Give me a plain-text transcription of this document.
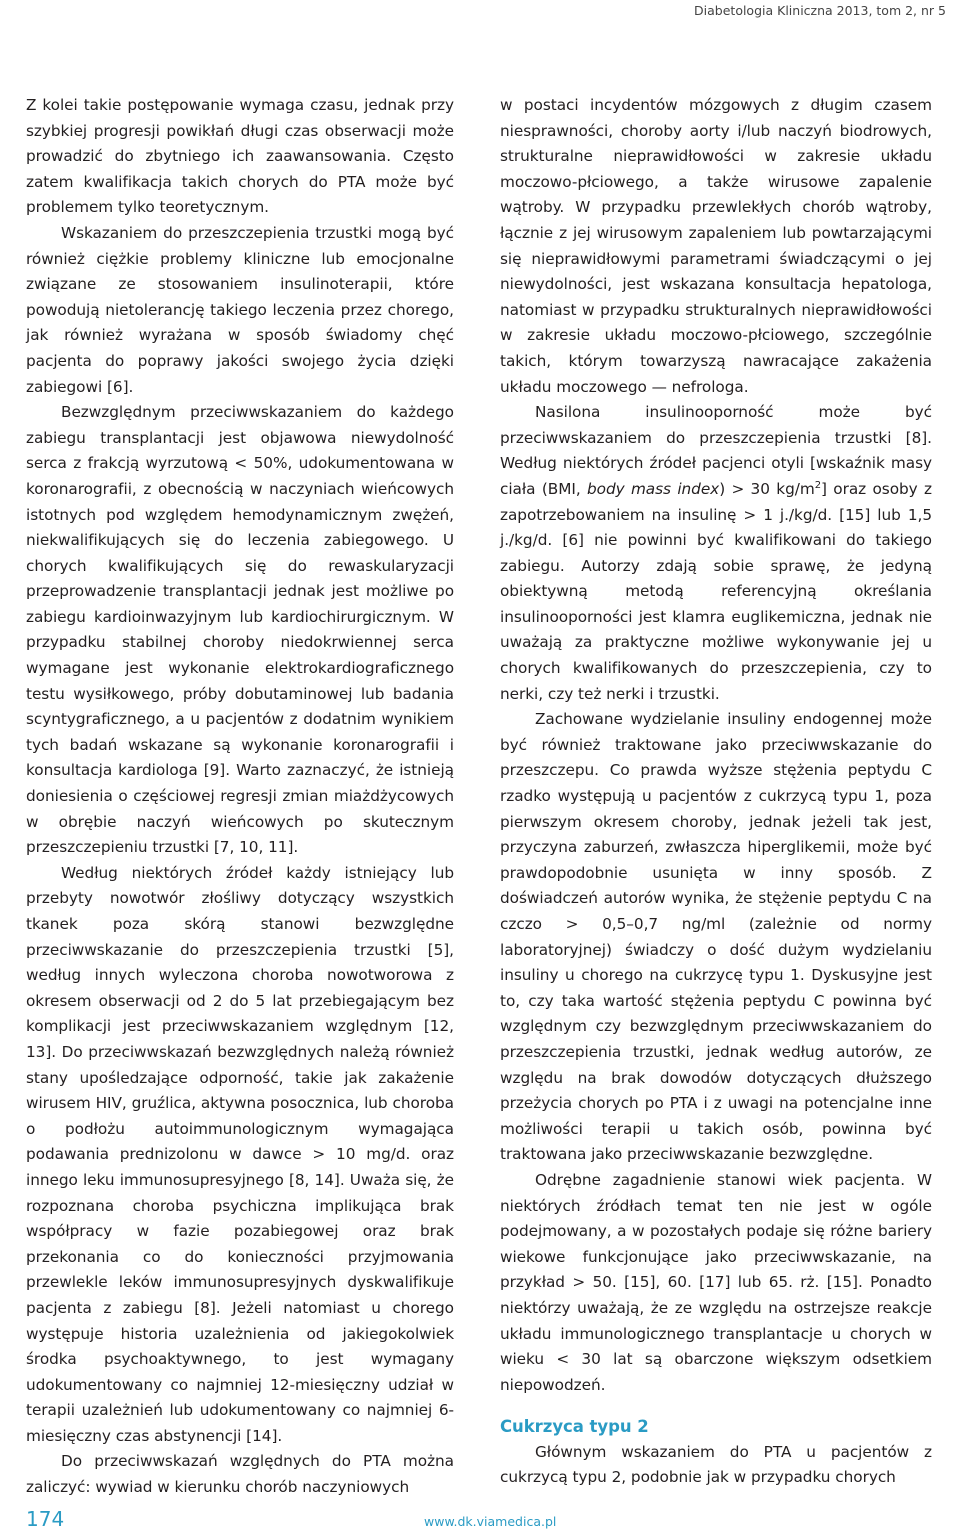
Diabetologia Kliniczna 2013, tom 2, nr 5

Z kolei takie postępowanie wymaga czasu, jednak przy szybkiej progresji powikłań długi czas obserwacji może prowadzić do zbytniego ich zaawansowania. Często zatem kwalifikacja takich chorych do PTA może być problemem tylko teoretycznym.

Wskazaniem do przeszczepienia trzustki mogą być również ciężkie problemy kliniczne lub emocjonalne związane ze stosowaniem insulinoterapii, które powodują nietolerancję takiego leczenia przez chorego, jak również wyrażana w sposób świadomy chęć pacjenta do poprawy jakości swojego życia dzięki zabiegowi [6].

Bezwzględnym przeciwwskazaniem do każdego zabiegu transplantacji jest objawowa niewydolność serca z frakcją wyrzutową < 50%, udokumentowana w koronarografii, z obecnością w naczyniach wieńcowych istotnych pod względem hemodynamicznym zwężeń, niekwalifikujących się do leczenia zabiegowego. U chorych kwalifikujących się do rewaskularyzacji przeprowadzenie transplantacji jednak jest możliwe po zabiegu kardioinwazyjnym lub kardiochirurgicznym. W przypadku stabilnej choroby niedokrwiennej serca wymagane jest wykonanie elektrokardiograficznego testu wysiłkowego, próby dobutaminowej lub badania scyntygraficznego, a u pacjentów z dodatnim wynikiem tych badań wskazane są wykonanie koronarografii i konsultacja kardiologa [9]. Warto zaznaczyć, że istnieją doniesienia o częściowej regresji zmian miażdżycowych w obrębie naczyń wieńcowych po skutecznym przeszczepieniu trzustki [7, 10, 11].

Według niektórych źródeł każdy istniejący lub przebyty nowotwór złośliwy dotyczący wszystkich tkanek poza skórą stanowi bezwzględne przeciwwskazanie do przeszczepienia trzustki [5], według innych wyleczona choroba nowotworowa z okresem obserwacji od 2 do 5 lat przebiegającym bez komplikacji jest przeciwwskazaniem względnym [12, 13]. Do przeciwwskazań bezwzględnych należą również stany upośledzające odporność, takie jak zakażenie wirusem HIV, gruźlica, aktywna posocznica, lub choroba o podłożu autoimmunologicznym wymagająca podawania prednizolonu w dawce > 10 mg/d. oraz innego leku immunosupresyjnego [8, 14]. Uważa się, że rozpoznana choroba psychiczna implikująca brak współpracy w fazie pozabiegowej oraz brak przekonania co do konieczności przyjmowania przewlekle leków immunosupresyjnych dyskwalifikuje pacjenta z zabiegu [8]. Jeżeli natomiast u chorego występuje historia uzależnienia od jakiegokolwiek środka psychoaktywnego, to jest wymagany udokumentowany co najmniej 12-miesięczny udział w terapii uzależnień lub udokumentowany co najmniej 6-miesięczny czas abstynencji [14].

Do przeciwwskazań względnych do PTA można zaliczyć: wywiad w kierunku chorób naczyniowych

w postaci incydentów mózgowych z długim czasem niesprawności, choroby aorty i/lub naczyń biodrowych, strukturalne nieprawidłowości w zakresie układu moczowo-płciowego, a także wirusowe zapalenie wątroby. W przypadku przewlekłych chorób wątroby, łącznie z jej wirusowym zapaleniem lub powtarzającymi się nieprawidłowymi parametrami świadczącymi o jej niewydolności, jest wskazana konsultacja hepatologa, natomiast w przypadku strukturalnych nieprawidłowości w zakresie układu moczowo-płciowego, szczególnie takich, którym towarzyszą nawracające zakażenia układu moczowego — nefrologa.

Nasilona insulinooporność może być przeciwwskazaniem do przeszczepienia trzustki [8]. Według niektórych źródeł pacjenci otyli [wskaźnik masy ciała (BMI, body mass index) > 30 $kg/m^2$] oraz osoby z zapotrzebowaniem na insulinę > 1 j./kg/d. [15] lub 1,5 j./kg/d. [6] nie powinni być kwalifikowani do takiego zabiegu. Autorzy zdają sobie sprawę, że jedyną obiektywną metodą referencyjną określania insulinooporności jest klamra euglikemiczna, jednak nie uważają za praktyczne możliwe wykonywanie jej u chorych kwalifikowanych do przeszczepienia, czy to nerki, czy też nerki i trzustki.

Zachowane wydzielanie insuliny endogennej może być również traktowane jako przeciwwskazanie do przeszczepu. Co prawda wyższe stężenia peptydu C rzadko występują u pacjentów z cukrzycą typu 1, poza pierwszym okresem choroby, jednak jeżeli tak jest, przyczyna zaburzeń, zwłaszcza hiperglikemii, może być prawdopodobnie usunięta w inny sposób. Z doświadczeń autorów wynika, że stężenie peptydu C na czczo > 0,5–0,7 ng/ml (zależnie od normy laboratoryjnej) świadczy o dość dużym wydzielaniu insuliny u chorego na cukrzycę typu 1. Dyskusyjne jest to, czy taka wartość stężenia peptydu C powinna być względnym czy bezwzględnym przeciwwskazaniem do przeszczepienia trzustki, jednak według autorów, ze względu na brak dowodów dotyczących dłuższego przeżycia chorych po PTA i z uwagi na potencjalne inne możliwości terapii u takich osób, powinna być traktowana jako przeciwwskazanie bezwzględne.

Odrębne zagadnienie stanowi wiek pacjenta. W niektórych źródłach temat ten nie jest w ogóle podejmowany, a w pozostałych podaje się różne bariery wiekowe funkcjonujące jako przeciwwskazanie, na przykład > 50. [15], 60. [17] lub 65. rż. [15]. Ponadto niektórzy uważają, że ze względu na ostrzejsze reakcje układu immunologicznego transplantacje u chorych w wieku < 30 lat są obarczone większym odsetkiem niepowodzeń.

Cukrzyca typu 2

Głównym wskazaniem do PTA u pacjentów z cukrzycą typu 2, podobnie jak w przypadku chorych

174	www.dk.viamedica.pl
